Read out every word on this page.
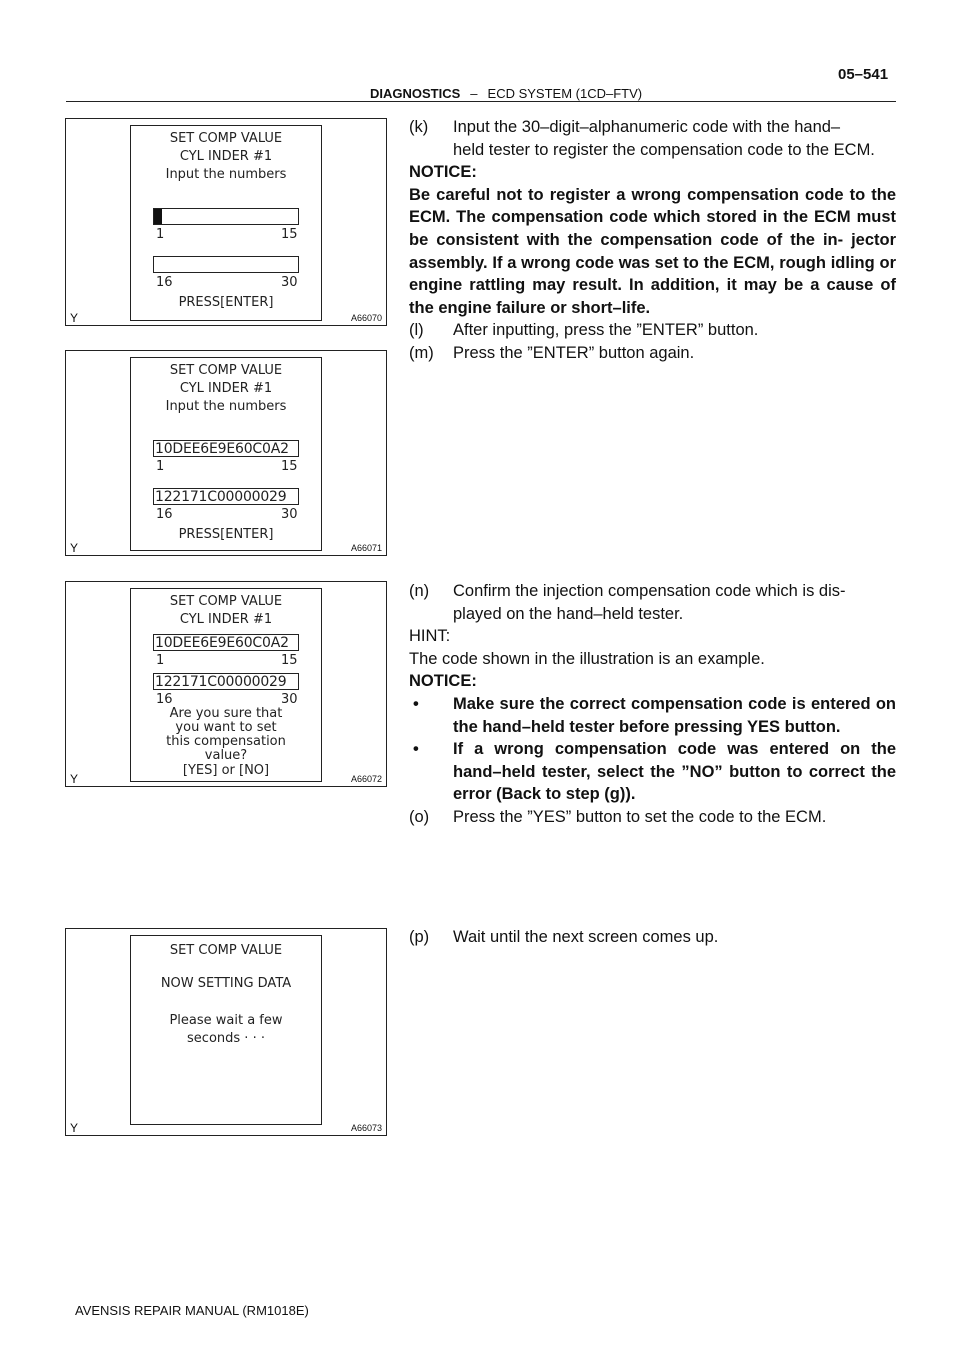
05–541
DIAGNOSTICS – ECD SYSTEM (1CD–FTV)
SET COMP VALUE
CYL INDER #1
Input the numbers
1	15
16	30
PRESS[ENTER]
Y	A66070
SET COMP VALUE
CYL INDER #1
Input the numbers
10DEE6E9E60C0A2
1	15
122171C00000029
16	30
PRESS[ENTER]
Y	A66071
SET COMP VALUE
CYL INDER #1
10DEE6E9E60C0A2
1	15
122171C00000029
16	30
Are you sure that
you want to set
this compensation
value?
[YES] or [NO]
Y	A66072
SET COMP VALUE
NOW SETTING DATA
Please wait a few
seconds · · ·
Y	A66073
(k) Input the 30–digit–alphanumeric code with the hand–
held tester to register the compensation code to the ECM.
NOTICE:
Be careful not to register a wrong compensation code to the ECM. The compensation code which stored in the ECM must be consistent with the compensation code of the in- jector assembly. If a wrong code was set to the ECM, rough idling or engine rattling may result. In addition, it may be a cause of the engine failure or short–life.
(l) After inputting, press the ”ENTER” button.
(m) Press the ”ENTER” button again.
(n) Confirm the injection compensation code which is dis-
played on the hand–held tester.
HINT:
The code shown in the illustration is an example.
NOTICE:
• Make sure the correct compensation code is entered on the hand–held tester before pressing YES button.
• If a wrong compensation code was entered on the hand–held tester, select the ”NO” button to correct the error (Back to step (g)).
(o) Press the ”YES” button to set the code to the ECM.
(p) Wait until the next screen comes up.
AVENSIS REPAIR MANUAL (RM1018E)
